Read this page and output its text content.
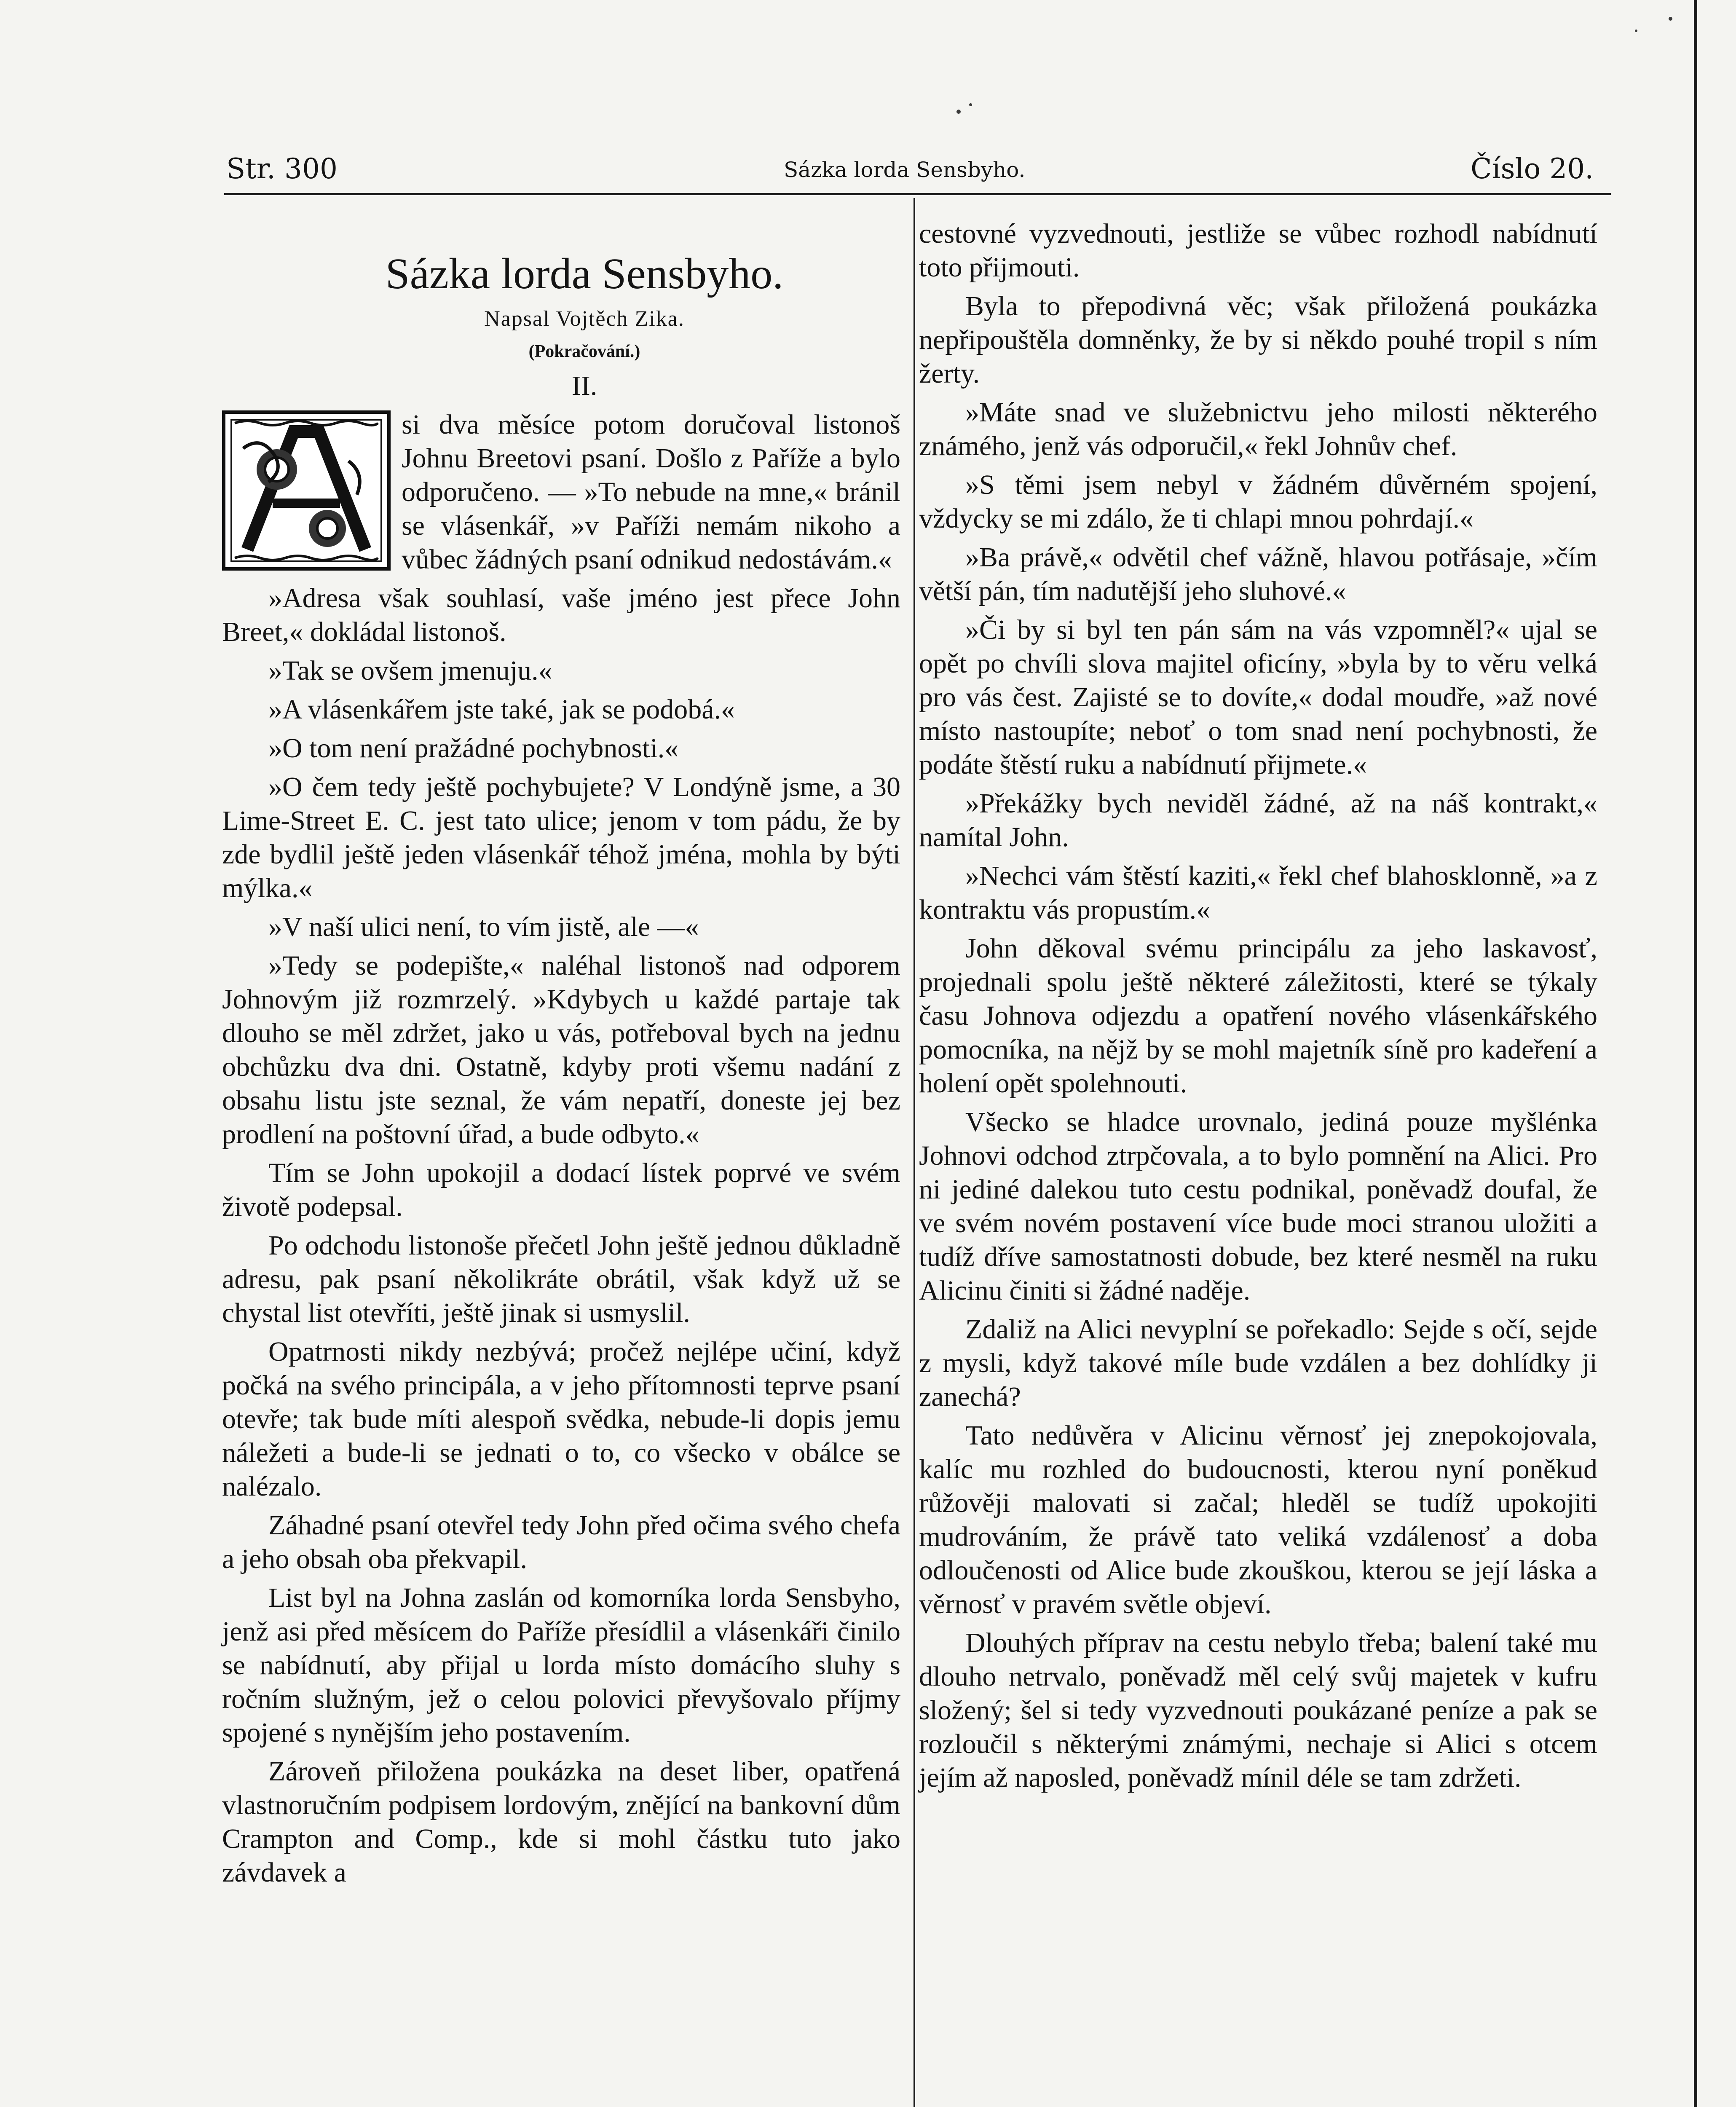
Str. 300	Sázka lorda Sensbyho.	Číslo 20.

Sázka lorda Sensbyho.

Napsal Vojtěch Zika.

(Pokračování.)

II.

si dva měsíce potom doručoval listonoš Johnu Breetovi psaní. Došlo z Paříže a bylo odporučeno. — »To nebude na mne,« bránil se vlásenkář, »v Paříži nemám nikoho a vůbec žádných psaní odnikud nedostávám.«

»Adresa však souhlasí, vaše jméno jest přece John Breet,« dokládal listonoš.

»Tak se ovšem jmenuju.«

»A vlásenkářem jste také, jak se podobá.«

»O tom není pražádné pochybnosti.«

»O čem tedy ještě pochybujete? V Londýně jsme, a 30 Lime-Street E. C. jest tato ulice; jenom v tom pádu, že by zde bydlil ještě jeden vlásenkář téhož jména, mohla by býti mýlka.«

»V naší ulici není, to vím jistě, ale —«

»Tedy se podepište,« naléhal listonoš nad odporem Johnovým již rozmrzelý. »Kdybych u každé partaje tak dlouho se měl zdržet, jako u vás, potřeboval bych na jednu obchůzku dva dni. Ostatně, kdyby proti všemu nadání z obsahu listu jste seznal, že vám nepatří, doneste jej bez prodlení na poštovní úřad, a bude odbyto.«

Tím se John upokojil a dodací lístek poprvé ve svém životě podepsal.

Po odchodu listonoše přečetl John ještě jednou důkladně adresu, pak psaní několikráte obrátil, však když už se chystal list otevříti, ještě jinak si usmyslil.

Opatrnosti nikdy nezbývá; pročež nejlépe učiní, když počká na svého principála, a v jeho přítomnosti teprve psaní otevře; tak bude míti alespoň svědka, nebude-li dopis jemu náležeti a bude-li se jednati o to, co všecko v obálce se nalézalo.

Záhadné psaní otevřel tedy John před očima svého chefa a jeho obsah oba překvapil.

List byl na Johna zaslán od komorníka lorda Sensbyho, jenž asi před měsícem do Paříže přesídlil a vlásenkáři činilo se nabídnutí, aby přijal u lorda místo domácího sluhy s ročním služným, jež o celou polovici převyšovalo příjmy spojené s nynějším jeho postavením.

Zároveň přiložena poukázka na deset liber, opatřená vlastnoručním podpisem lordovým, znějící na bankovní dům Crampton and Comp., kde si mohl částku tuto jako závdavek a

cestovné vyzvednouti, jestliže se vůbec rozhodl nabídnutí toto přijmouti.

Byla to přepodivná věc; však přiložená poukázka nepřipouštěla domněnky, že by si někdo pouhé tropil s ním žerty.

»Máte snad ve služebnictvu jeho milosti některého známého, jenž vás odporučil,« řekl Johnův chef.

»S těmi jsem nebyl v žádném důvěrném spojení, vždycky se mi zdálo, že ti chlapi mnou pohrdají.«

»Ba právě,« odvětil chef vážně, hlavou potřásaje, »čím větší pán, tím nadutější jeho sluhové.«

»Či by si byl ten pán sám na vás vzpomněl?« ujal se opět po chvíli slova majitel oficíny, »byla by to věru velká pro vás čest. Zajisté se to dovíte,« dodal moudře, »až nové místo nastoupíte; neboť o tom snad není pochybnosti, že podáte štěstí ruku a nabídnutí přijmete.«

»Překážky bych neviděl žádné, až na náš kontrakt,« namítal John.

»Nechci vám štěstí kaziti,« řekl chef blahosklonně, »a z kontraktu vás propustím.«

John děkoval svému principálu za jeho laskavosť, projednali spolu ještě některé záležitosti, které se týkaly času Johnova odjezdu a opatření nového vlásenkářského pomocníka, na nějž by se mohl majetník síně pro kadeření a holení opět spolehnouti.

Všecko se hladce urovnalo, jediná pouze myšlénka Johnovi odchod ztrpčovala, a to bylo pomnění na Alici. Pro ni jediné dalekou tuto cestu podnikal, poněvadž doufal, že ve svém novém postavení více bude moci stranou uložiti a tudíž dříve samostatnosti dobude, bez které nesměl na ruku Alicinu činiti si žádné naděje.

Zdaliž na Alici nevyplní se pořekadlo: Sejde s očí, sejde z mysli, když takové míle bude vzdálen a bez dohlídky ji zanechá?

Tato nedůvěra v Alicinu věrnosť jej znepokojovala, kalíc mu rozhled do budoucnosti, kterou nyní poněkud růžověji malovati si začal; hleděl se tudíž upokojiti mudrováním, že právě tato veliká vzdálenosť a doba odloučenosti od Alice bude zkouškou, kterou se její láska a věrnosť v pravém světle objeví.

Dlouhých příprav na cestu nebylo třeba; balení také mu dlouho netrvalo, poněvadž měl celý svůj majetek v kufru složený; šel si tedy vyzvednouti poukázané peníze a pak se rozloučil s některými známými, nechaje si Alici s otcem jejím až naposled, poněvadž mínil déle se tam zdržeti.
